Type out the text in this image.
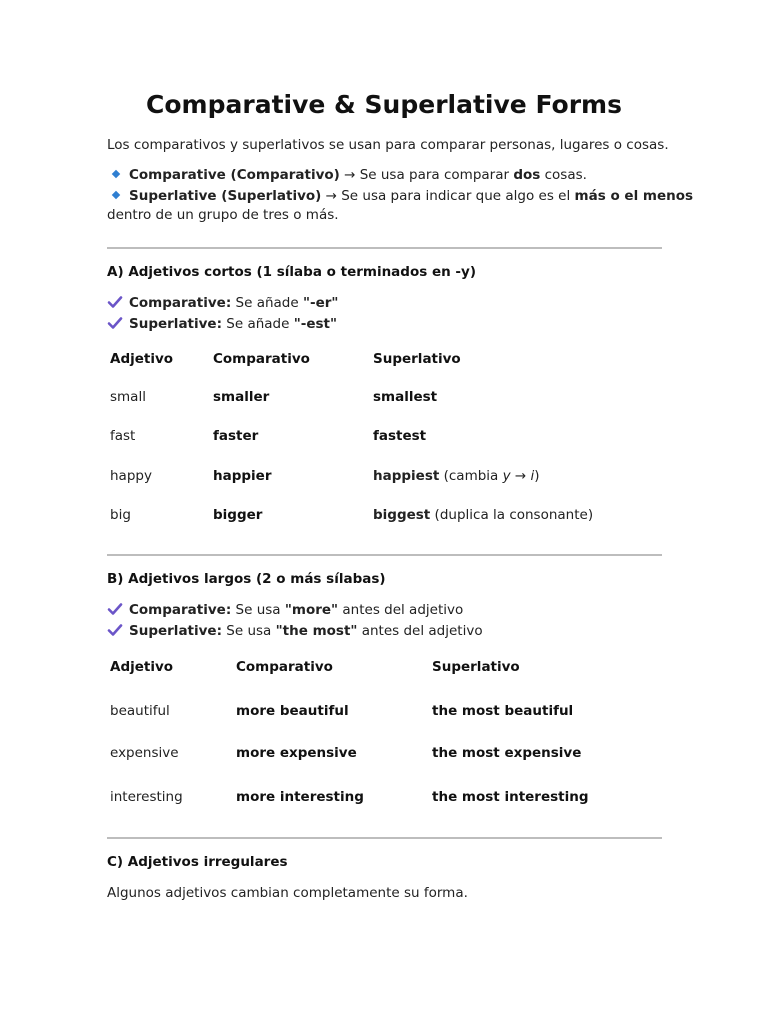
Comparative & Superlative Forms
Los comparativos y superlativos se usan para comparar personas, lugares o cosas.
Comparative (Comparativo) → Se usa para comparar dos cosas.
Superlative (Superlativo) → Se usa para indicar que algo es el más o el menos
dentro de un grupo de tres o más.
A) Adjetivos cortos (1 sílaba o terminados en -y)
Comparative: Se añade "-er"
Superlative: Se añade "-est"
Adjetivo	Comparativo	Superlativo
small	smaller	smallest
fast	faster	fastest
happy	happier	happiest (cambia y → i)
big	bigger	biggest (duplica la consonante)
B) Adjetivos largos (2 o más sílabas)
Comparative: Se usa "more" antes del adjetivo
Superlative: Se usa "the most" antes del adjetivo
Adjetivo	Comparativo	Superlativo
beautiful	more beautiful	the most beautiful
expensive	more expensive	the most expensive
interesting	more interesting	the most interesting
C) Adjetivos irregulares
Algunos adjetivos cambian completamente su forma.
